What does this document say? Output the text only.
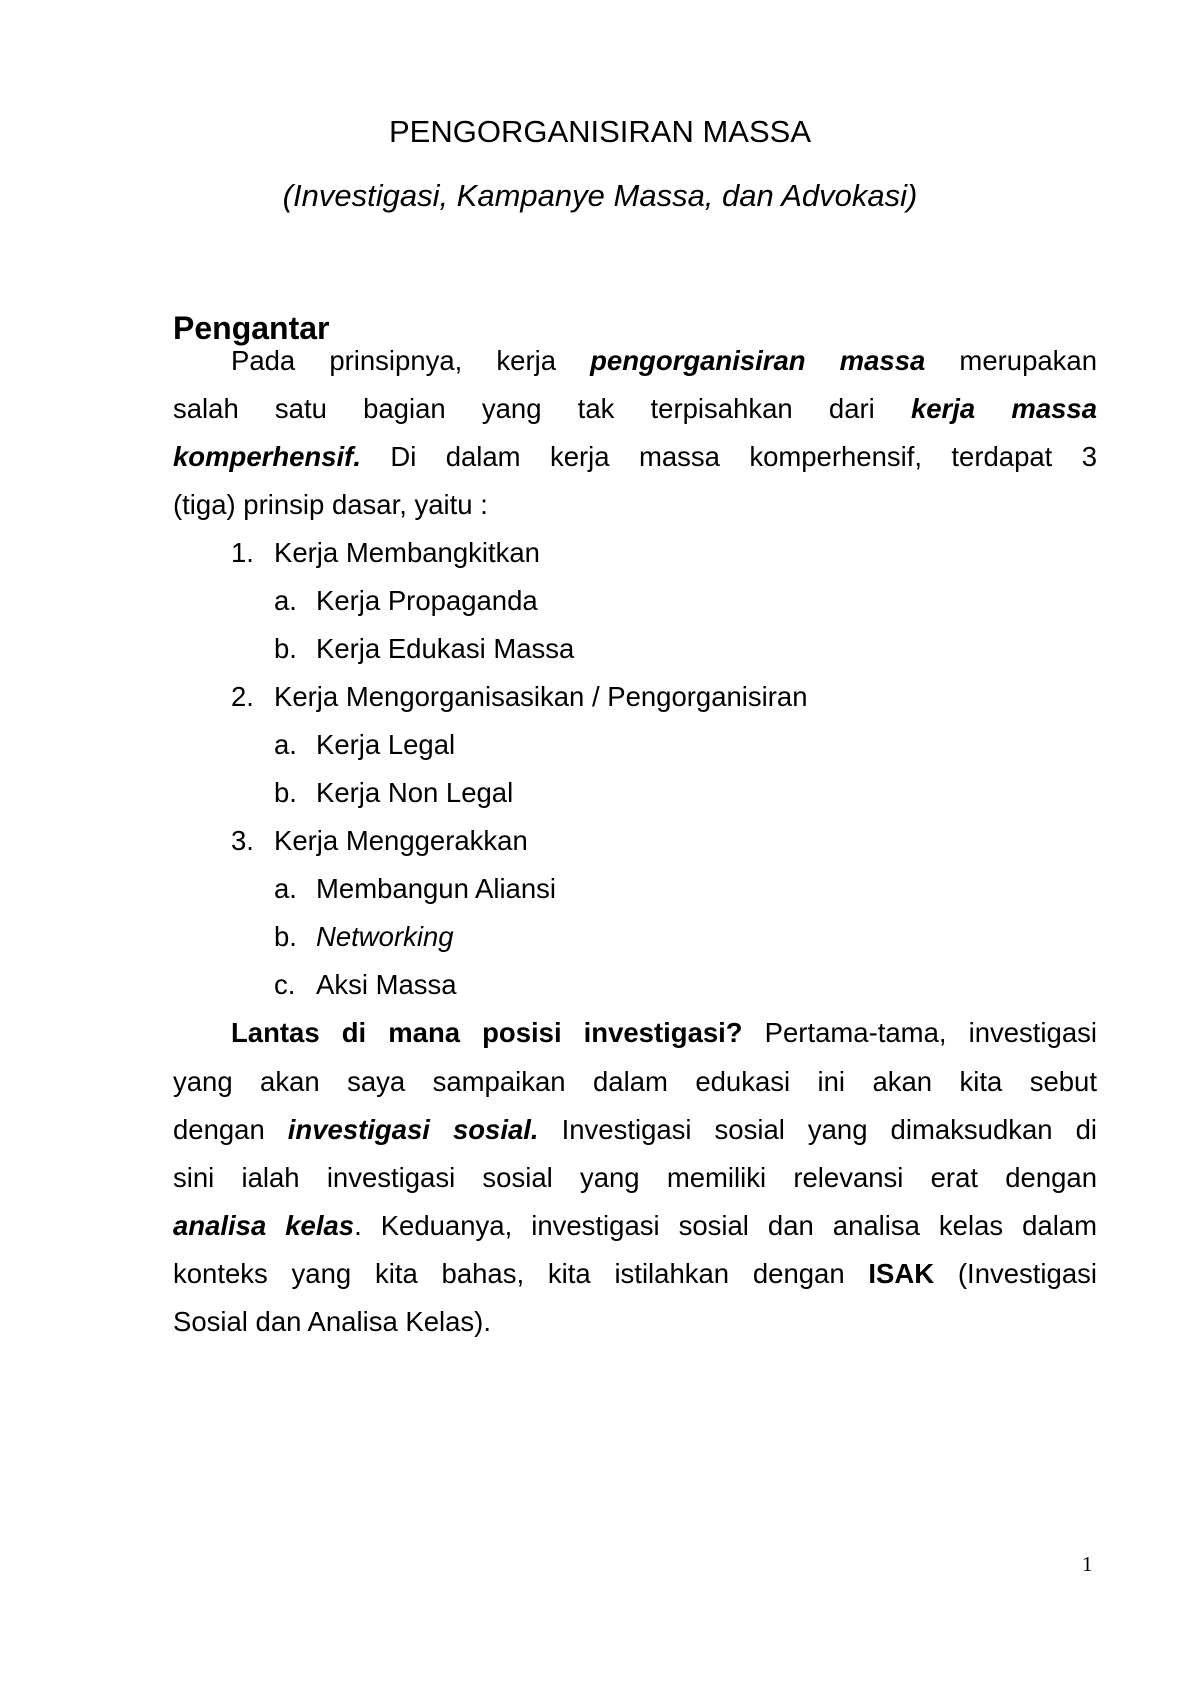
PENGORGANISIRAN MASSA
(Investigasi, Kampanye Massa, dan Advokasi)
Pengantar
Pada prinsipnya, kerja pengorganisiran massa merupakan
salah satu bagian yang tak terpisahkan dari kerja massa
komperhensif. Di dalam kerja massa komperhensif, terdapat 3
(tiga) prinsip dasar, yaitu :
1. Kerja Membangkitkan
a. Kerja Propaganda
b. Kerja Edukasi Massa
2. Kerja Mengorganisasikan / Pengorganisiran
a. Kerja Legal
b. Kerja Non Legal
3. Kerja Menggerakkan
a. Membangun Aliansi
b. Networking
c. Aksi Massa
Lantas di mana posisi investigasi? Pertama-tama, investigasi
yang akan saya sampaikan dalam edukasi ini akan kita sebut
dengan investigasi sosial. Investigasi sosial yang dimaksudkan di
sini ialah investigasi sosial yang memiliki relevansi erat dengan
analisa kelas. Keduanya, investigasi sosial dan analisa kelas dalam
konteks yang kita bahas, kita istilahkan dengan ISAK (Investigasi
Sosial dan Analisa Kelas).
1
